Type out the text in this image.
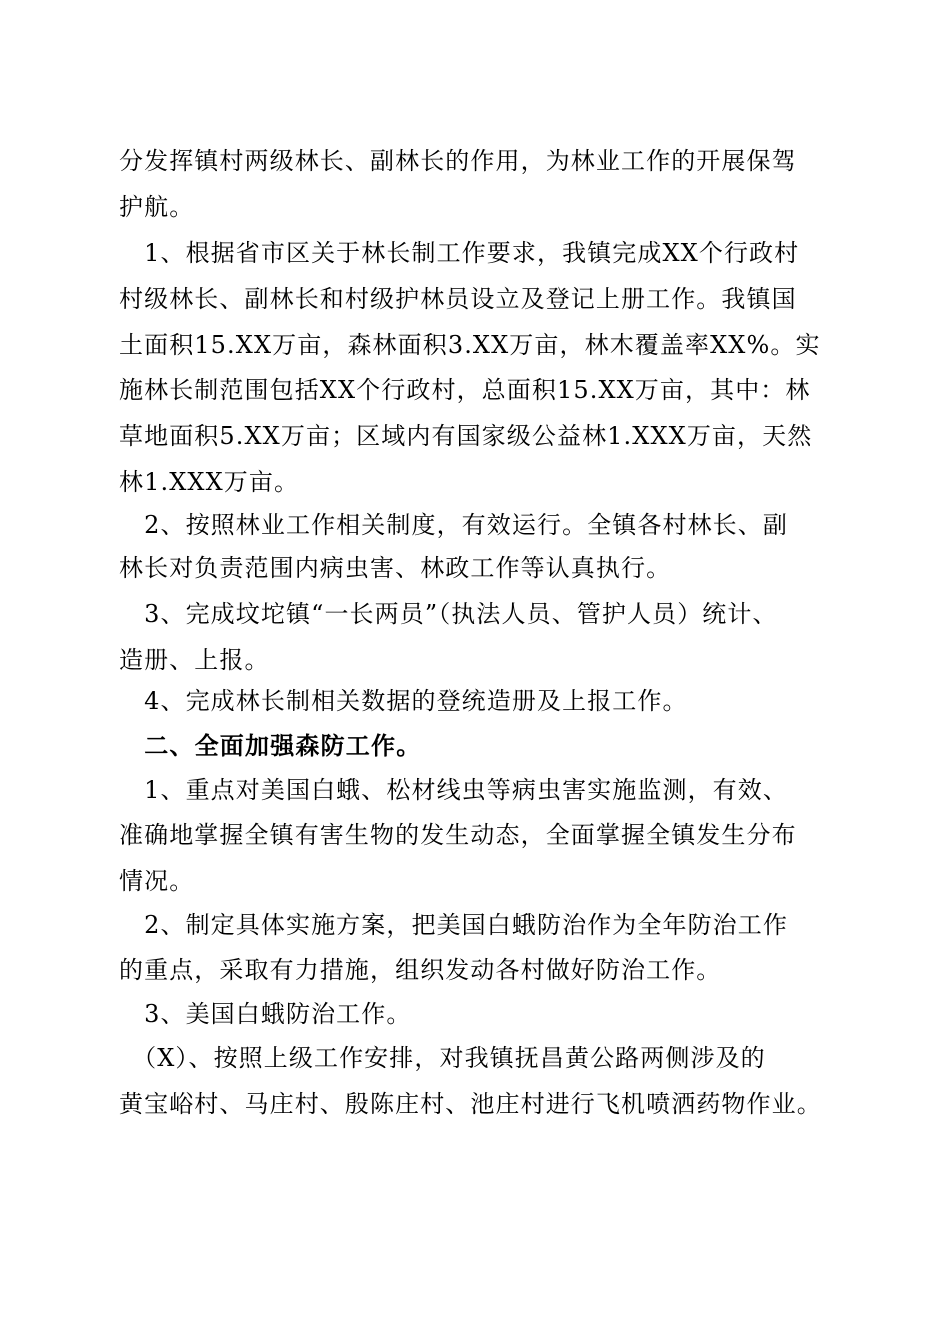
分发挥镇村两级林长、副林长的作用，为林业工作的开展保驾
护航。
　1、根据省市区关于林长制工作要求，我镇完成XX个行政村
村级林长、副林长和村级护林员设立及登记上册工作。我镇国
土面积15.XX万亩，森林面积3.XX万亩，林木覆盖率XX%。实
施林长制范围包括XX个行政村，总面积15.XX万亩，其中：林
草地面积5.XX万亩；区域内有国家级公益林1.XXX万亩，天然
林1.XXX万亩。
　2、按照林业工作相关制度，有效运行。全镇各村林长、副
林长对负责范围内病虫害、林政工作等认真执行。
　3、完成坟坨镇“一长两员”（执法人员、管护人员）统计、
造册、上报。
　4、完成林长制相关数据的登统造册及上报工作。
　二、全面加强森防工作。
　1、重点对美国白蛾、松材线虫等病虫害实施监测，有效、
准确地掌握全镇有害生物的发生动态，全面掌握全镇发生分布
情况。
　2、制定具体实施方案，把美国白蛾防治作为全年防治工作
的重点，采取有力措施，组织发动各村做好防治工作。
　3、美国白蛾防治工作。
　（X）、按照上级工作安排，对我镇抚昌黄公路两侧涉及的
黄宝峪村、马庄村、殷陈庄村、池庄村进行飞机喷洒药物作业。
